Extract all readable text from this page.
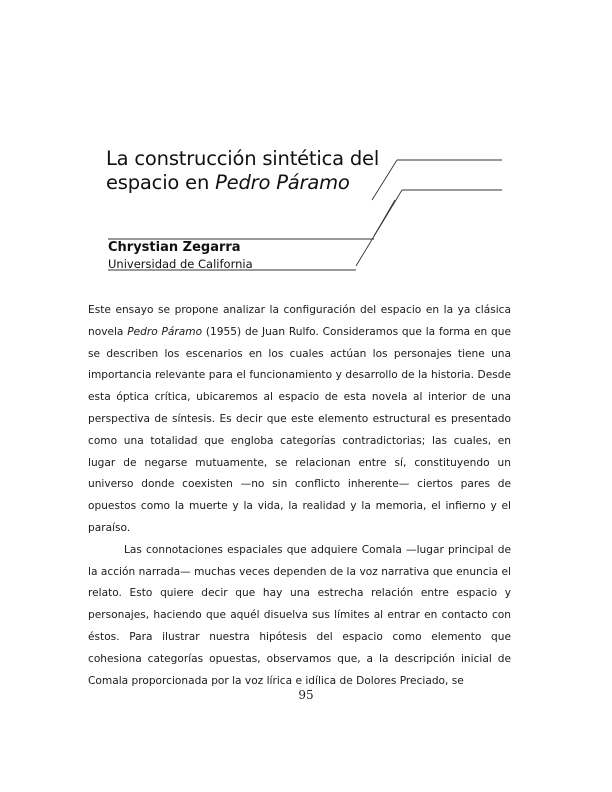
La construcción sintética del
espacio en Pedro Páramo
Chrystian Zegarra
Universidad de California

Este ensayo se propone analizar la configuración del espacio en la ya clásica novela Pedro Páramo (1955) de Juan Rulfo. Consideramos que la forma en que se describen los escenarios en los cuales actúan los personajes tiene una importancia relevante para el funcionamiento y desarrollo de la historia. Desde esta óptica crítica, ubicaremos al espacio de esta novela al interior de una perspectiva de síntesis. Es decir que este elemento estructural es presentado como una totalidad que engloba categorías contradictorias; las cuales, en lugar de negarse mutuamente, se relacionan entre sí, constituyendo un universo donde coexisten —no sin conflicto inherente— ciertos pares de opuestos como la muerte y la vida, la realidad y la memoria, el infierno y el paraíso.

Las connotaciones espaciales que adquiere Comala —lugar principal de la acción narrada— muchas veces dependen de la voz narrativa que enuncia el relato. Esto quiere decir que hay una estrecha relación entre espacio y personajes, haciendo que aquél disuelva sus límites al entrar en contacto con éstos. Para ilustrar nuestra hipótesis del espacio como elemento que cohesiona categorías opuestas, observamos que, a la descripción inicial de Comala proporcionada por la voz lírica e idílica de Dolores Preciado, se

95
